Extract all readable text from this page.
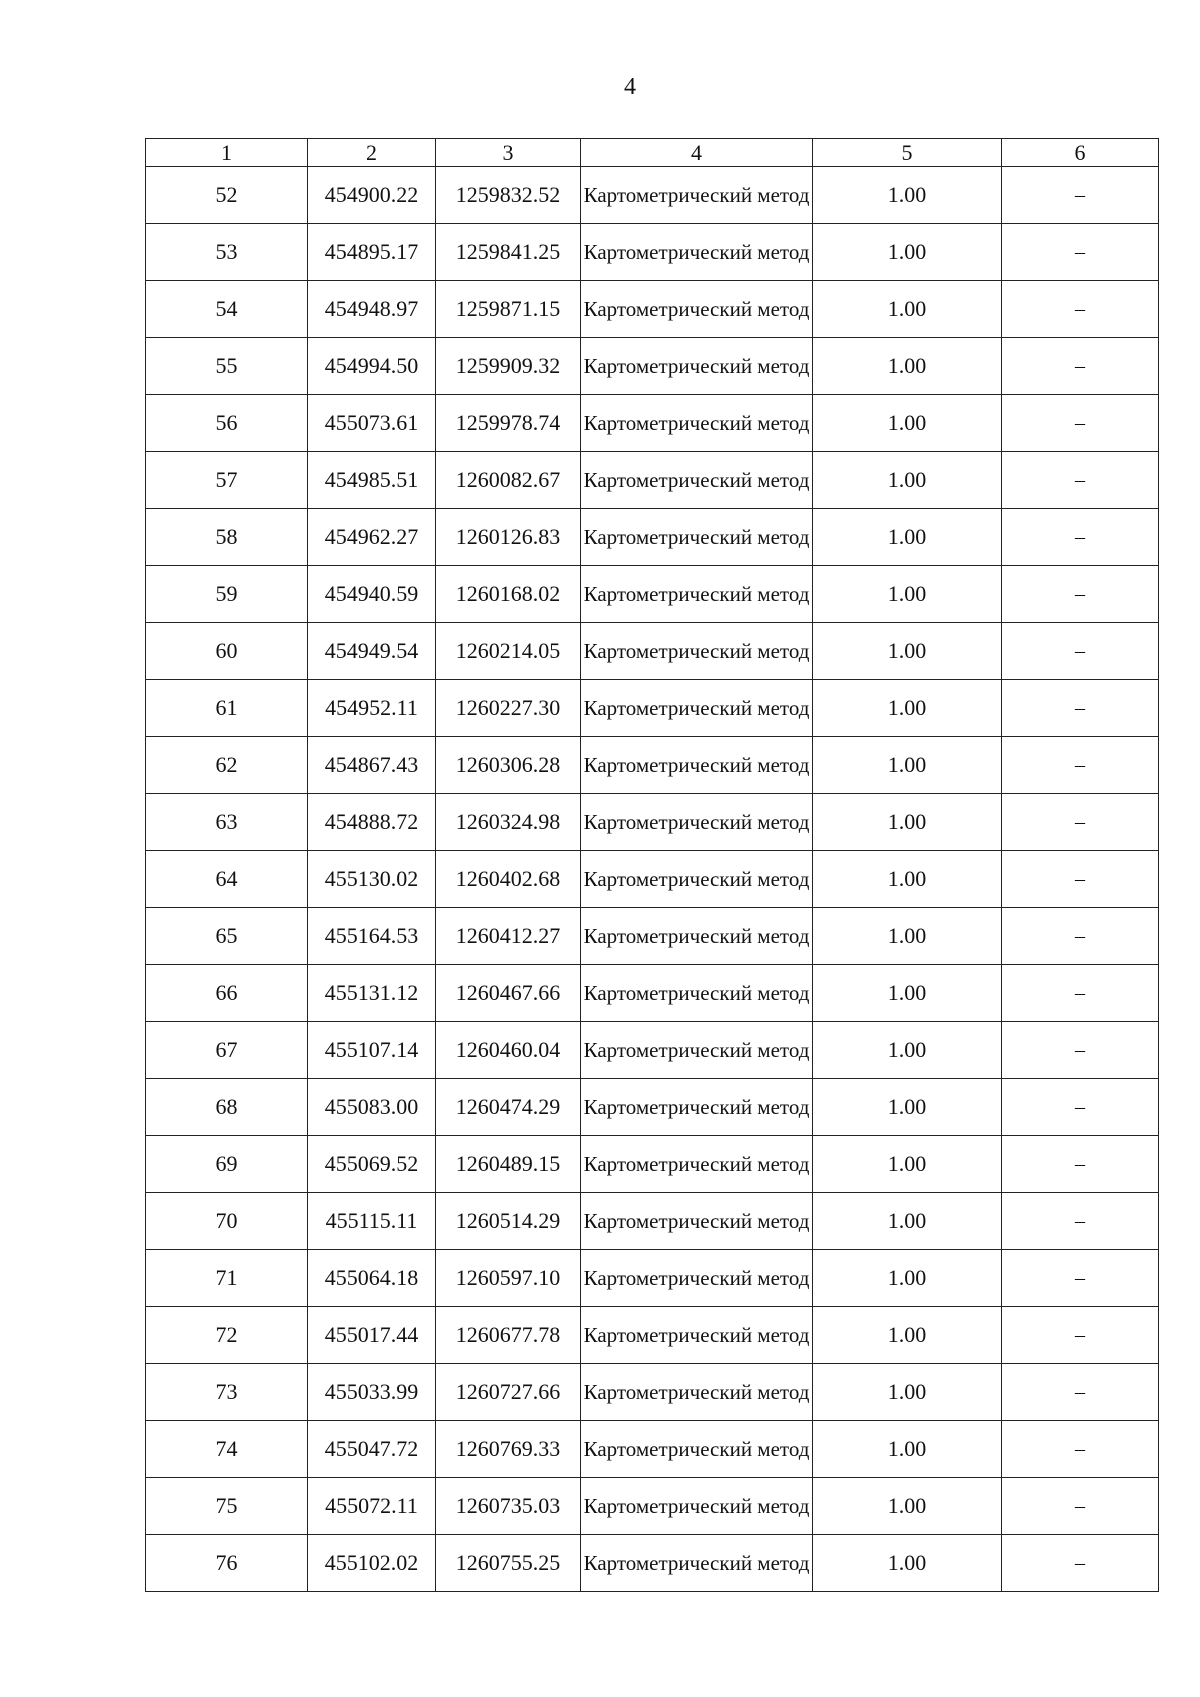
4
1	2	3	4	5	6
52	454900.22	1259832.52	Картометрический метод	1.00	–
53	454895.17	1259841.25	Картометрический метод	1.00	–
54	454948.97	1259871.15	Картометрический метод	1.00	–
55	454994.50	1259909.32	Картометрический метод	1.00	–
56	455073.61	1259978.74	Картометрический метод	1.00	–
57	454985.51	1260082.67	Картометрический метод	1.00	–
58	454962.27	1260126.83	Картометрический метод	1.00	–
59	454940.59	1260168.02	Картометрический метод	1.00	–
60	454949.54	1260214.05	Картометрический метод	1.00	–
61	454952.11	1260227.30	Картометрический метод	1.00	–
62	454867.43	1260306.28	Картометрический метод	1.00	–
63	454888.72	1260324.98	Картометрический метод	1.00	–
64	455130.02	1260402.68	Картометрический метод	1.00	–
65	455164.53	1260412.27	Картометрический метод	1.00	–
66	455131.12	1260467.66	Картометрический метод	1.00	–
67	455107.14	1260460.04	Картометрический метод	1.00	–
68	455083.00	1260474.29	Картометрический метод	1.00	–
69	455069.52	1260489.15	Картометрический метод	1.00	–
70	455115.11	1260514.29	Картометрический метод	1.00	–
71	455064.18	1260597.10	Картометрический метод	1.00	–
72	455017.44	1260677.78	Картометрический метод	1.00	–
73	455033.99	1260727.66	Картометрический метод	1.00	–
74	455047.72	1260769.33	Картометрический метод	1.00	–
75	455072.11	1260735.03	Картометрический метод	1.00	–
76	455102.02	1260755.25	Картометрический метод	1.00	–
